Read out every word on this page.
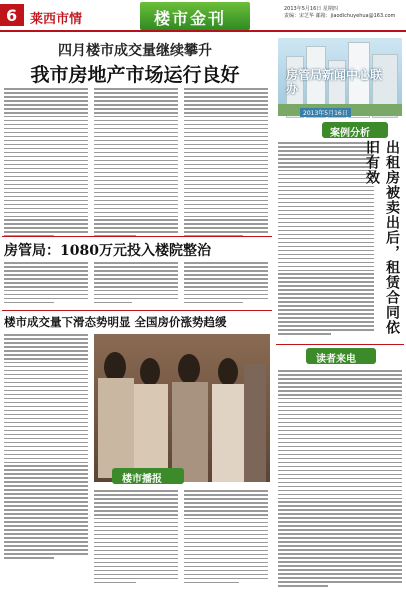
6 莱西市情	楼市金刊	2013年5月16日 星期四
责编：宋芝华 邮箱：jiaodichuyehua@163.com
四月楼市成交量继续攀升
我市房地产市场运行良好	房管局新闻中心联办
2013年5月16日
案例分析
出租房被卖出后，租赁合同依旧有效
房管局：1080万元投入楼院整治
楼市成交量下滑态势明显 全国房价涨势趋缓
楼市播报
读者来电
